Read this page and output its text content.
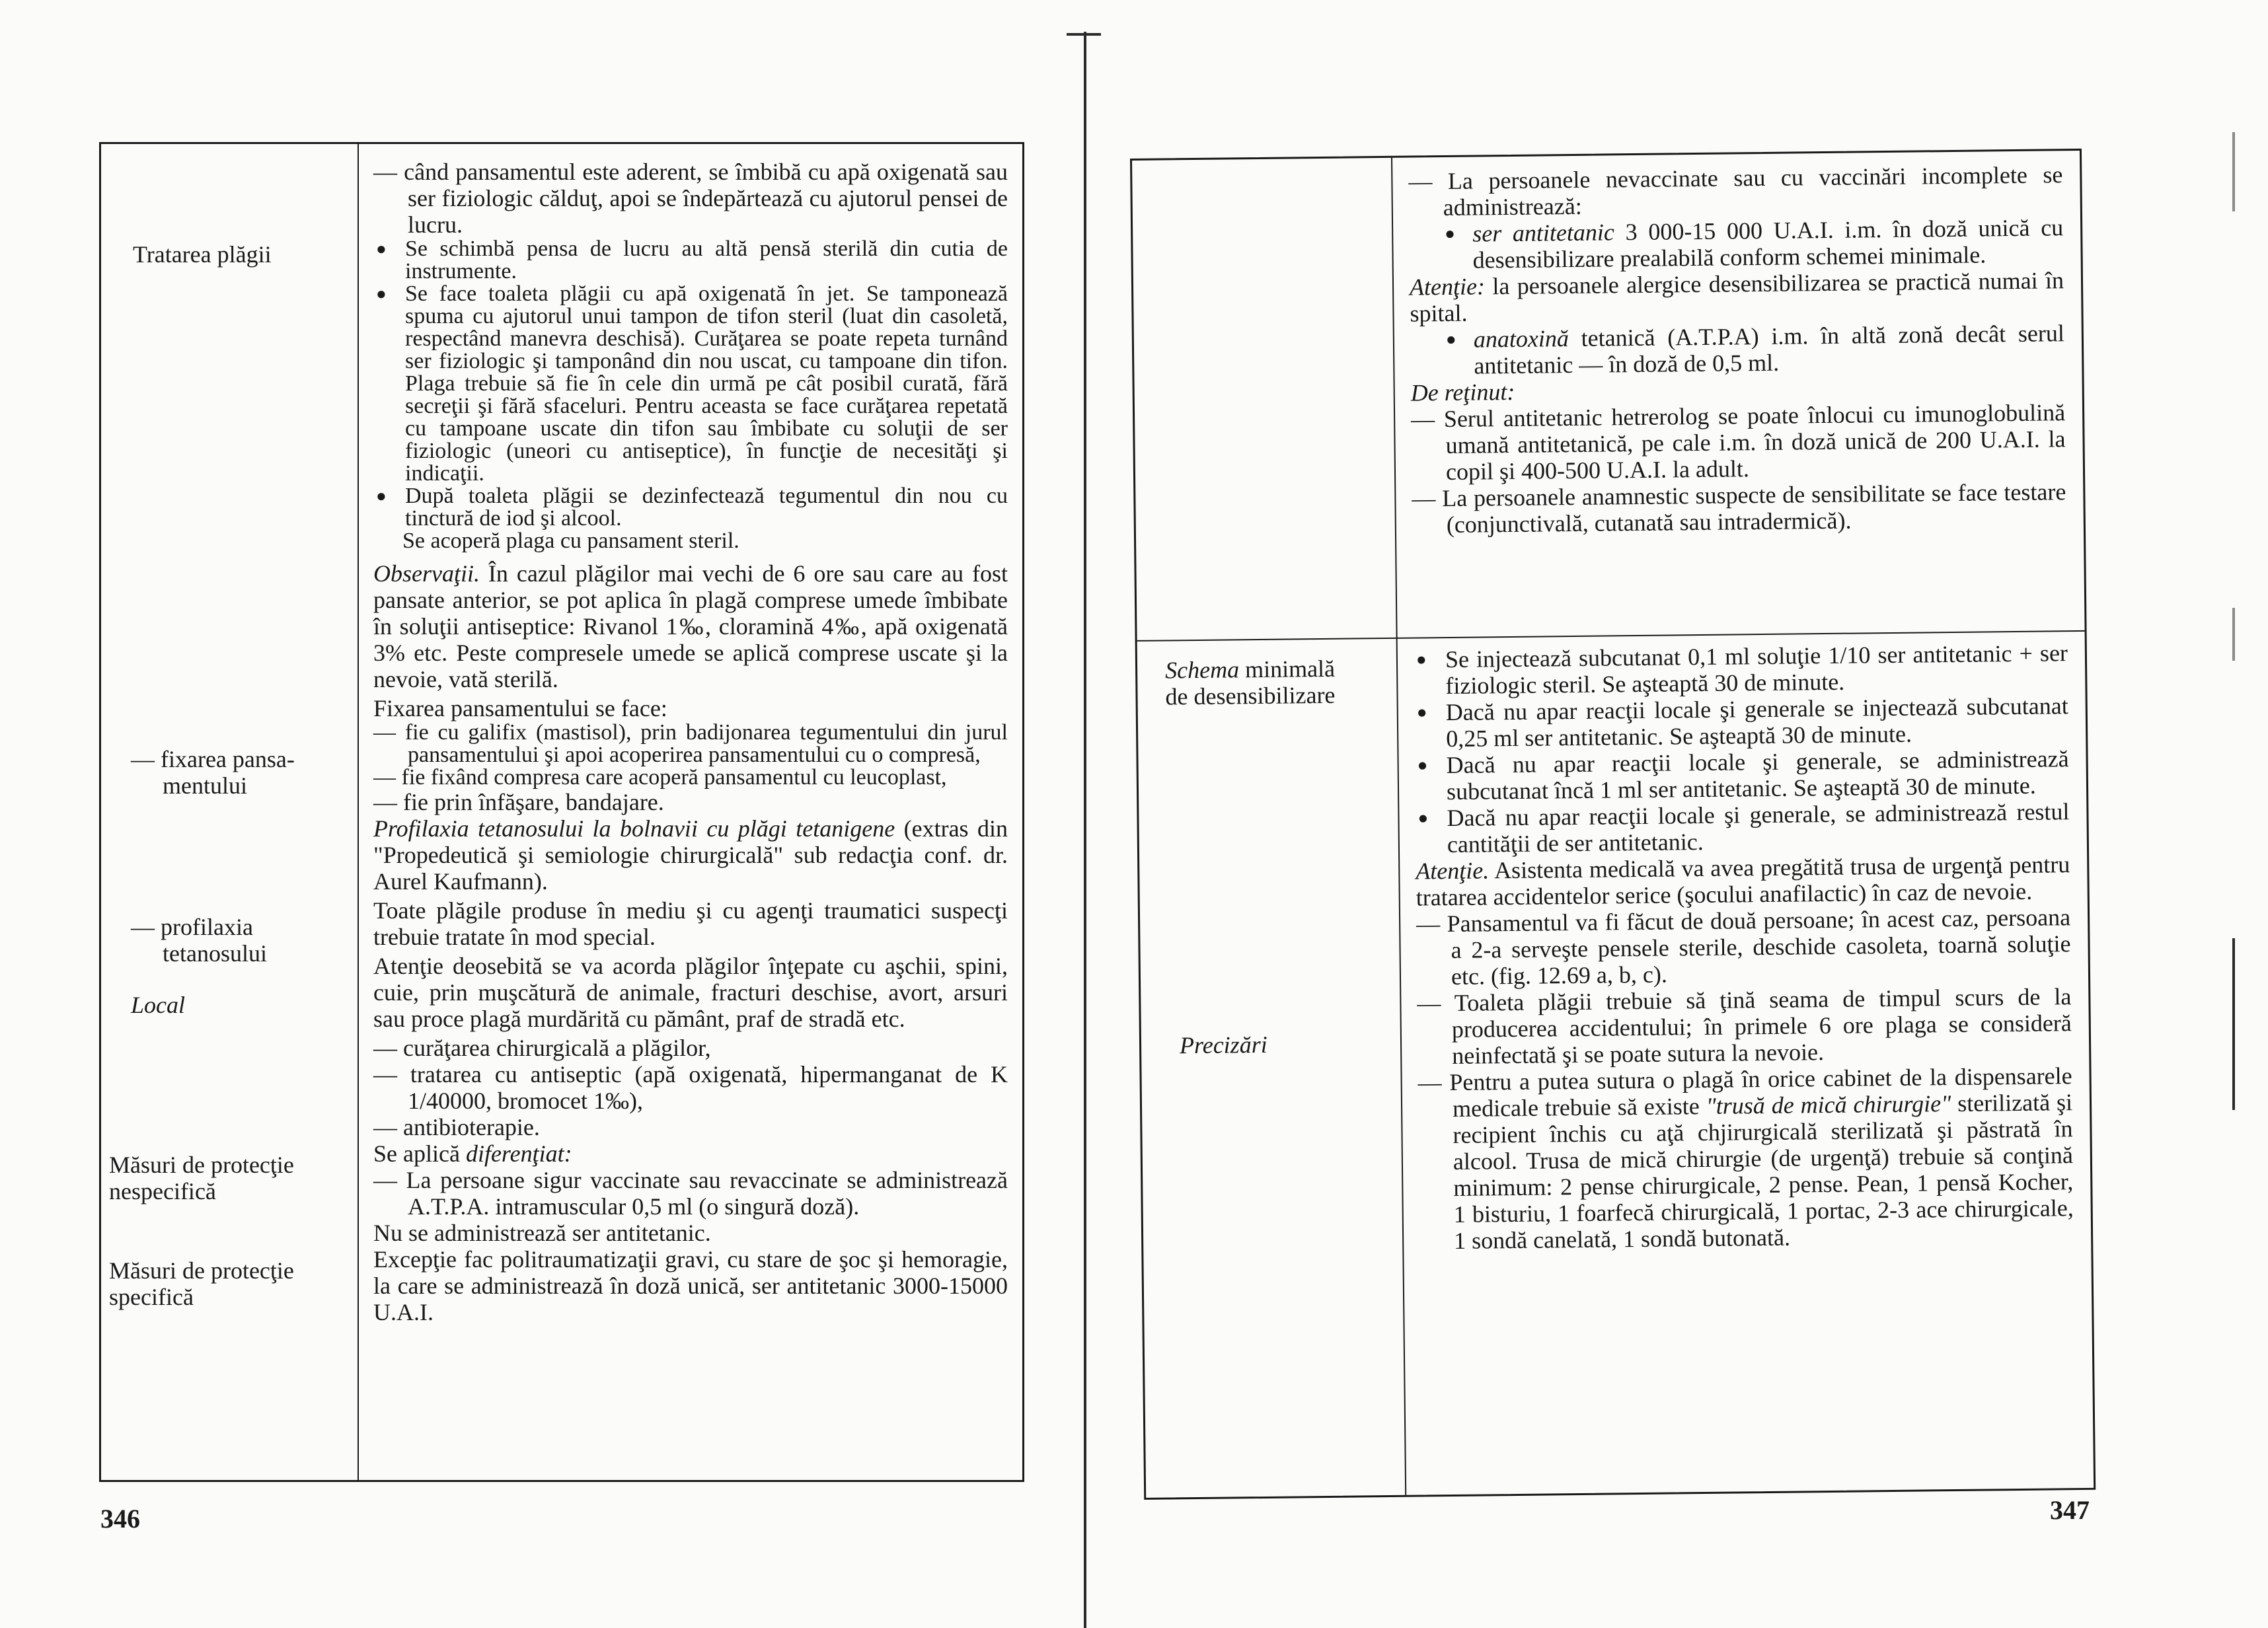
Tratarea plăgii
— fixarea pansa-
mentului
— profilaxia
tetanosului
Local
Măsuri de protecţie
nespecifică
Măsuri de protecţie
specifică
— când pansamentul este aderent, se îmbibă cu apă oxigenată sau ser fiziologic călduţ, apoi se îndepărtează cu ajutorul pensei de lucru.
● Se schimbă pensa de lucru au altă pensă sterilă din cutia de instrumente.
● Se face toaleta plăgii cu apă oxigenată în jet. Se tamponează spuma cu ajutorul unui tampon de tifon steril (luat din casoletă, respectând manevra deschisă). Curăţarea se poate repeta turnând ser fiziologic şi tamponând din nou uscat, cu tampoane din tifon. Plaga trebuie să fie în cele din urmă pe cât posibil curată, fără secreţii şi fără sfaceluri. Pentru aceasta se face curăţarea repetată cu tampoane uscate din tifon sau îmbibate cu soluţii de ser fiziologic (uneori cu antiseptice), în funcţie de necesităţi şi indicaţii.
● După toaleta plăgii se dezinfectează tegumentul din nou cu tinctură de iod şi alcool.
Se acoperă plaga cu pansament steril.

Observaţii. În cazul plăgilor mai vechi de 6 ore sau care au fost pansate anterior, se pot aplica în plagă comprese umede îmbibate în soluţii antiseptice: Rivanol 1‰, cloramină 4‰, apă oxigenată 3% etc. Peste compresele umede se aplică comprese uscate şi la nevoie, vată sterilă.

Fixarea pansamentului se face:
— fie cu galifix (mastisol), prin badijonarea tegumentului din jurul pansamentului şi apoi acoperirea pansamentului cu o compresă,
— fie fixând compresa care acoperă pansamentul cu leucoplast,
— fie prin înfăşare, bandajare.

Profilaxia tetanosului la bolnavii cu plăgi tetanigene (extras din "Propedeutică şi semiologie chirurgicală" sub redacţia conf. dr. Aurel Kaufmann).

Toate plăgile produse în mediu şi cu agenţi traumatici suspecţi trebuie tratate în mod special.

Atenţie deosebită se va acorda plăgilor înţepate cu aşchii, spini, cuie, prin muşcătură de animale, fracturi deschise, avort, arsuri sau proce plagă murdărită cu pământ, praf de stradă etc.

— curăţarea chirurgicală a plăgilor,
— tratarea cu antiseptic (apă oxigenată, hipermanganat de K 1/40000, bromocet 1‰),
— antibioterapie.
Se aplică diferenţiat:
— La persoane sigur vaccinate sau revaccinate se administrează A.T.P.A. intramuscular 0,5 ml (o singură doză).
Nu se administrează ser antitetanic.
Excepţie fac politraumatizaţii gravi, cu stare de şoc şi hemoragie, la care se administrează în doză unică, ser antitetanic 3000-15000 U.A.I.
346
Schema minimală
de desensibilizare
Precizări
— La persoanele nevaccinate sau cu vaccinări incomplete se administrează:
● ser antitetanic 3 000-15 000 U.A.I. i.m. în doză unică cu desensibilizare prealabilă conform schemei minimale.
Atenţie: la persoanele alergice desensibilizarea se practică numai în spital.
● anatoxină tetanică (A.T.P.A) i.m. în altă zonă decât serul antitetanic — în doză de 0,5 ml.
De reţinut:
— Serul antitetanic hetrerolog se poate înlocui cu imunoglobulină umană antitetanică, pe cale i.m. în doză unică de 200 U.A.I. la copil şi 400-500 U.A.I. la adult.
— La persoanele anamnestic suspecte de sensibilitate se face testare (conjunctivală, cutanată sau intradermică).
● Se injectează subcutanat 0,1 ml soluţie 1/10 ser antitetanic + ser fiziologic steril. Se aşteaptă 30 de minute.
● Dacă nu apar reacţii locale şi generale se injectează subcutanat 0,25 ml ser antitetanic. Se aşteaptă 30 de minute.
● Dacă nu apar reacţii locale şi generale, se administrează subcutanat încă 1 ml ser antitetanic. Se aşteaptă 30 de minute.
● Dacă nu apar reacţii locale şi generale, se administrează restul cantităţii de ser antitetanic.
Atenţie. Asistenta medicală va avea pregătită trusa de urgenţă pentru tratarea accidentelor serice (şocului anafilactic) în caz de nevoie.
— Pansamentul va fi făcut de două persoane; în acest caz, persoana a 2-a serveşte pensele sterile, deschide casoleta, toarnă soluţie etc. (fig. 12.69 a, b, c).
— Toaleta plăgii trebuie să ţină seama de timpul scurs de la producerea accidentului; în primele 6 ore plaga se consideră neinfectată şi se poate sutura la nevoie.
— Pentru a putea sutura o plagă în orice cabinet de la dispensarele medicale trebuie să existe "trusă de mică chirurgie" sterilizată şi recipient închis cu aţă chjirurgicală sterilizată şi păstrată în alcool. Trusa de mică chirurgie (de urgenţă) trebuie să conţină minimum: 2 pense chirurgicale, 2 pense. Pean, 1 pensă Kocher, 1 bisturiu, 1 foarfecă chirurgicală, 1 portac, 2-3 ace chirurgicale, 1 sondă canelată, 1 sondă butonată.
347
